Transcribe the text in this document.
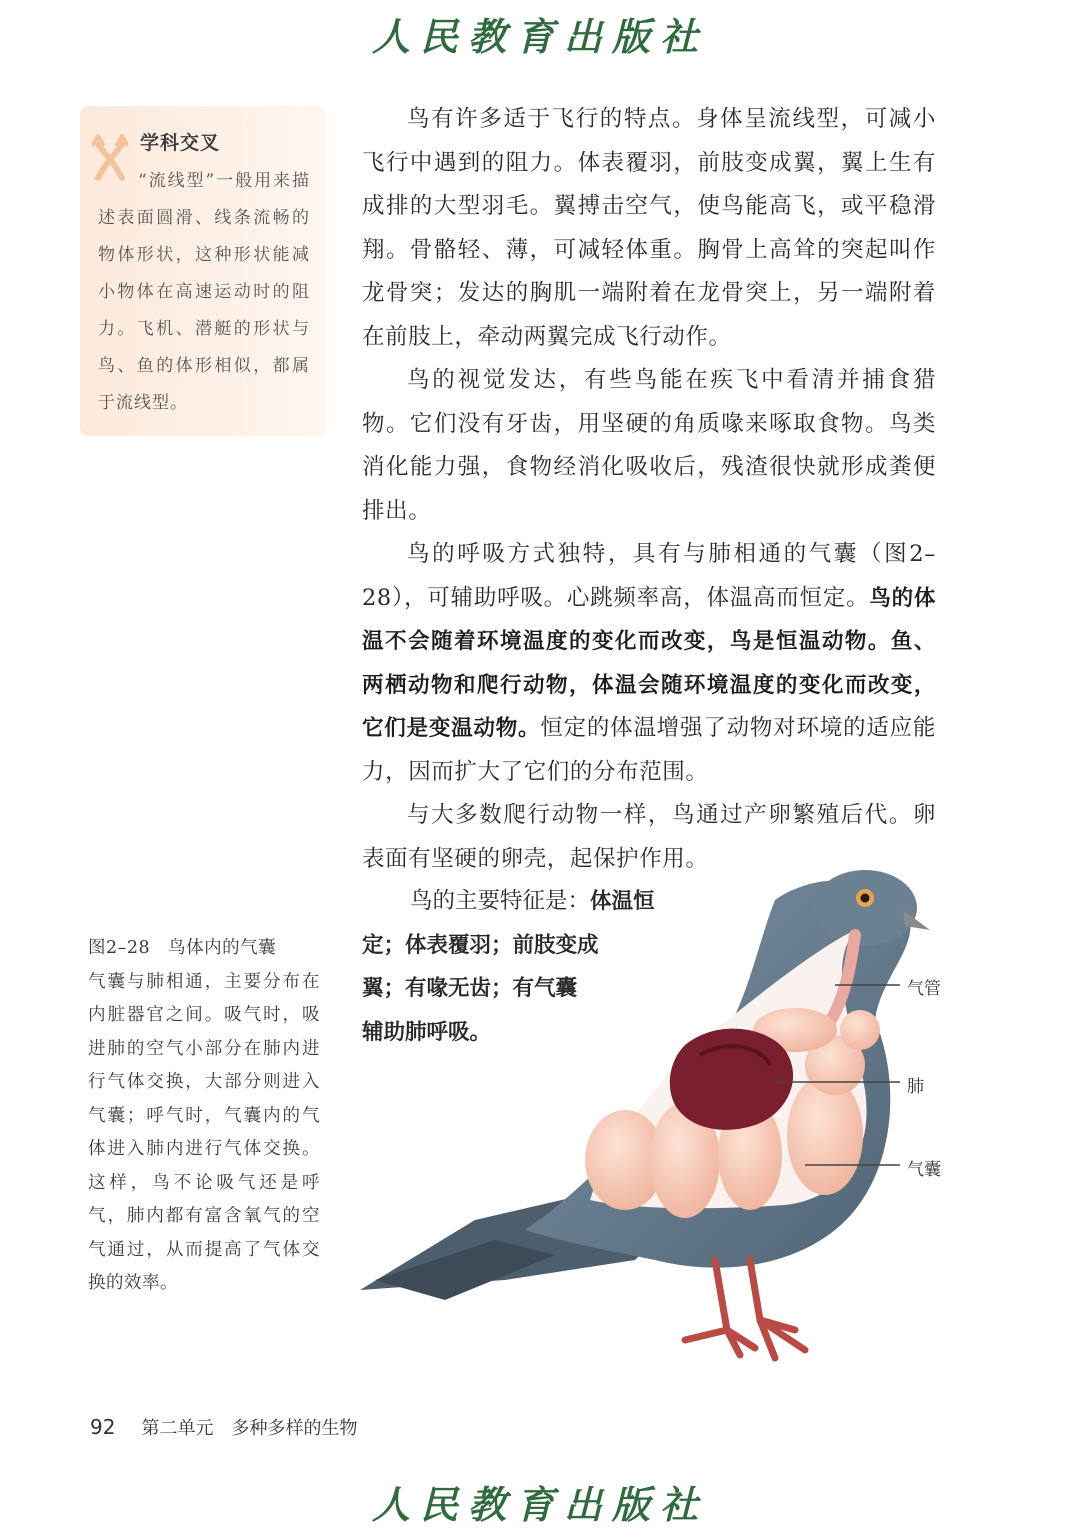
人民教育出版社
学科交叉
“流线型”一般用来描述表面圆滑、线条流畅的物体形状，这种形状能减小物体在高速运动时的阻力。飞机、潜艇的形状与鸟、鱼的体形相似，都属于流线型。

鸟有许多适于飞行的特点。身体呈流线型，可减小飞行中遇到的阻力。体表覆羽，前肢变成翼，翼上生有成排的大型羽毛。翼搏击空气，使鸟能高飞，或平稳滑翔。骨骼轻、薄，可减轻体重。胸骨上高耸的突起叫作龙骨突；发达的胸肌一端附着在龙骨突上，另一端附着在前肢上，牵动两翼完成飞行动作。

鸟的视觉发达，有些鸟能在疾飞中看清并捕食猎物。它们没有牙齿，用坚硬的角质喙来啄取食物。鸟类消化能力强，食物经消化吸收后，残渣很快就形成粪便排出。

鸟的呼吸方式独特，具有与肺相通的气囊（图2–28），可辅助呼吸。心跳频率高，体温高而恒定。鸟的体温不会随着环境温度的变化而改变，鸟是恒温动物。鱼、两栖动物和爬行动物，体温会随环境温度的变化而改变，它们是变温动物。恒定的体温增强了动物对环境的适应能力，因而扩大了它们的分布范围。

与大多数爬行动物一样，鸟通过产卵繁殖后代。卵表面有坚硬的卵壳，起保护作用。

鸟的主要特征是：体温恒

定；体表覆羽；前肢变成

翼；有喙无齿；有气囊

辅助肺呼吸。

图2–28　鸟体内的气囊
气囊与肺相通，主要分布在内脏器官之间。吸气时，吸进肺的空气小部分在肺内进行气体交换，大部分则进入气囊；呼气时，气囊内的气体进入肺内进行气体交换。这样，鸟不论吸气还是呼气，肺内都有富含氧气的空气通过，从而提高了气体交换的效率。
气管
肺
气囊
92 第二单元 多种多样的生物
人民教育出版社
